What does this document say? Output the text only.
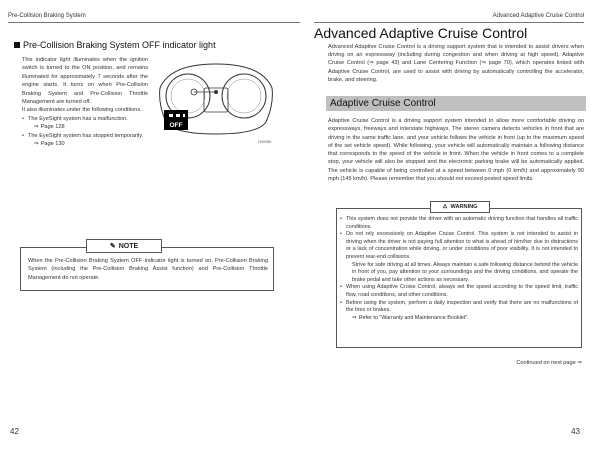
Pre-Collision Braking System
Pre-Collision Braking System OFF indicator light

This indicator light illuminates when the ignition switch is turned to the ON position, and remains illuminated for approximately 7 seconds after the engine starts. It turns on when Pre-Collision Braking System and Pre-Collision Throttle Management are turned off.

It also illuminates under the following conditions.

• The EyeSight system has a malfunction.
⇒ Page 128
• The EyeSight system has stopped temporarily.
⇒ Page 130
OFF
H00085
✎ NOTE
When the Pre-Collision Braking System OFF indicator light is turned on, Pre-Collision Braking System (including the Pre-Collision Braking Assist function) and Pre-Collision Throttle Management do not operate.
42
Advanced Adaptive Cruise Control
Advanced Adaptive Cruise Control
Advanced Adaptive Cruise Control is a driving support system that is intended to assist drivers when driving on an expressway (including during congestion and when driving at high speed). Adaptive Cruise Control (⇒ page 43) and Lane Centering Function (⇒ page 70), which operates linked with Adaptive Cruise Control, are used to assist with driving by automatically controlling the accelerator, brake, and steering.
Adaptive Cruise Control
Adaptive Cruise Control is a driving support system intended to allow more comfortable driving on expressways, freeways and interstate highways. The stereo camera detects vehicles in front that are driving in the same traffic lane, and your vehicle follows the vehicle in front (up to the maximum speed of the set vehicle speed). While following, your vehicle will automatically maintain a following distance that corresponds to the speed of the vehicle in front. When the vehicle in front comes to a complete stop, your vehicle will also be stopped and the electronic parking brake will be automatically applied. The vehicle is capable of being controlled at a speed between 0 mph (0 km/h) and approximately 90 mph (145 km/h). Please remember that you should not exceed posted speed limits.
⚠ WARNING
• This system does not provide the driver with an automatic driving function that handles all traffic conditions.
• Do not rely excessively on Adaptive Cruise Control. This system is not intended to assist in driving when the driver is not paying full attention to what is ahead of him/her due to distractions or a lack of concentration while driving, or under conditions of poor visibility. It is not intended to prevent rear-end collisions.
Strive for safe driving at all times. Always maintain a safe following distance behind the vehicle in front of you, pay attention to your surroundings and the driving conditions, and operate the brake pedal and take other actions as necessary.
• When using Adaptive Cruise Control, always set the speed according to the speed limit, traffic flow, road conditions, and other conditions.
• Before using the system, perform a daily inspection and verify that there are no malfunctions of the tires or brakes.
⇒ Refer to "Warranty and Maintenance Booklet".
Continued on next page ⇒
43
